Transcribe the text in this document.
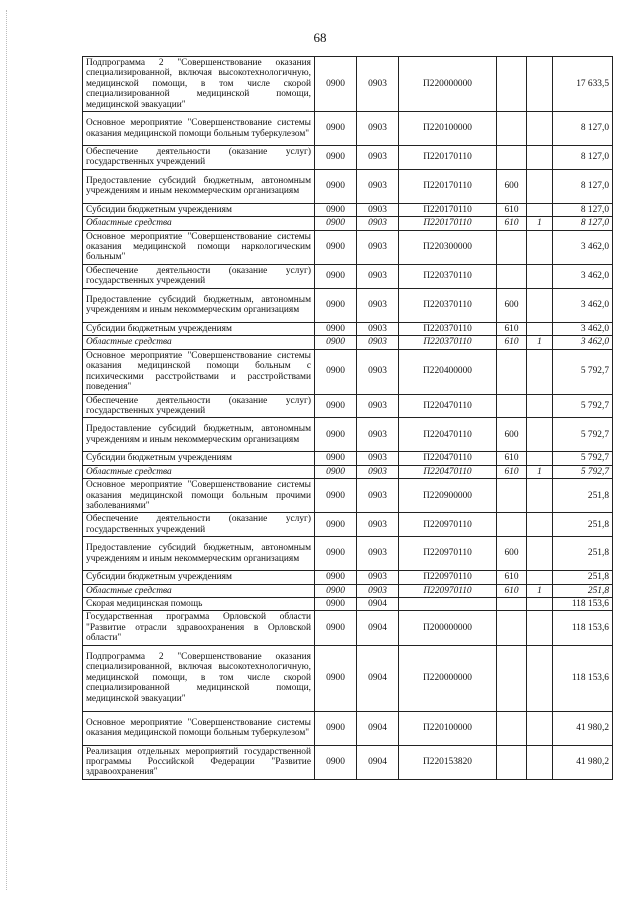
68
Подпрограмма 2 "Совершенствование оказания специализированной, включая высокотехнологичную, медицинской помощи, в том числе скорой специализированной медицинской помощи, медицинской эвакуации"	0900	0903	П220000000			17 633,5
Основное мероприятие "Совершенствование системы оказания медицинской помощи больным туберкулезом"	0900	0903	П220100000			8 127,0
Обеспечение деятельности (оказание услуг) государственных учреждений	0900	0903	П220170110			8 127,0
Предоставление субсидий бюджетным, автономным учреждениям и иным некоммерческим организациям	0900	0903	П220170110	600		8 127,0
Субсидии бюджетным учреждениям	0900	0903	П220170110	610		8 127,0
Областные средства	0900	0903	П220170110	610	1	8 127,0
Основное мероприятие "Совершенствование системы оказания медицинской помощи наркологическим больным"	0900	0903	П220300000			3 462,0
Обеспечение деятельности (оказание услуг) государственных учреждений	0900	0903	П220370110			3 462,0
Предоставление субсидий бюджетным, автономным учреждениям и иным некоммерческим организациям	0900	0903	П220370110	600		3 462,0
Субсидии бюджетным учреждениям	0900	0903	П220370110	610		3 462,0
Областные средства	0900	0903	П220370110	610	1	3 462,0
Основное мероприятие "Совершенствование системы оказания медицинской помощи больным с психическими расстройствами и расстройствами поведения"	0900	0903	П220400000			5 792,7
Обеспечение деятельности (оказание услуг) государственных учреждений	0900	0903	П220470110			5 792,7
Предоставление субсидий бюджетным, автономным учреждениям и иным некоммерческим организациям	0900	0903	П220470110	600		5 792,7
Субсидии бюджетным учреждениям	0900	0903	П220470110	610		5 792,7
Областные средства	0900	0903	П220470110	610	1	5 792,7
Основное мероприятие "Совершенствование системы оказания медицинской помощи больным прочими заболеваниями"	0900	0903	П220900000			251,8
Обеспечение деятельности (оказание услуг) государственных учреждений	0900	0903	П220970110			251,8
Предоставление субсидий бюджетным, автономным учреждениям и иным некоммерческим организациям	0900	0903	П220970110	600		251,8
Субсидии бюджетным учреждениям	0900	0903	П220970110	610		251,8
Областные средства	0900	0903	П220970110	610	1	251,8
Скорая медицинская помощь	0900	0904				118 153,6
Государственная программа Орловской области "Развитие отрасли здравоохранения в Орловской области"	0900	0904	П200000000			118 153,6
Подпрограмма 2 "Совершенствование оказания специализированной, включая высокотехнологичную, медицинской помощи, в том числе скорой специализированной медицинской помощи, медицинской эвакуации"	0900	0904	П220000000			118 153,6
Основное мероприятие "Совершенствование системы оказания медицинской помощи больным туберкулезом"	0900	0904	П220100000			41 980,2
Реализация отдельных мероприятий государственной программы Российской Федерации "Развитие здравоохранения"	0900	0904	П220153820			41 980,2
